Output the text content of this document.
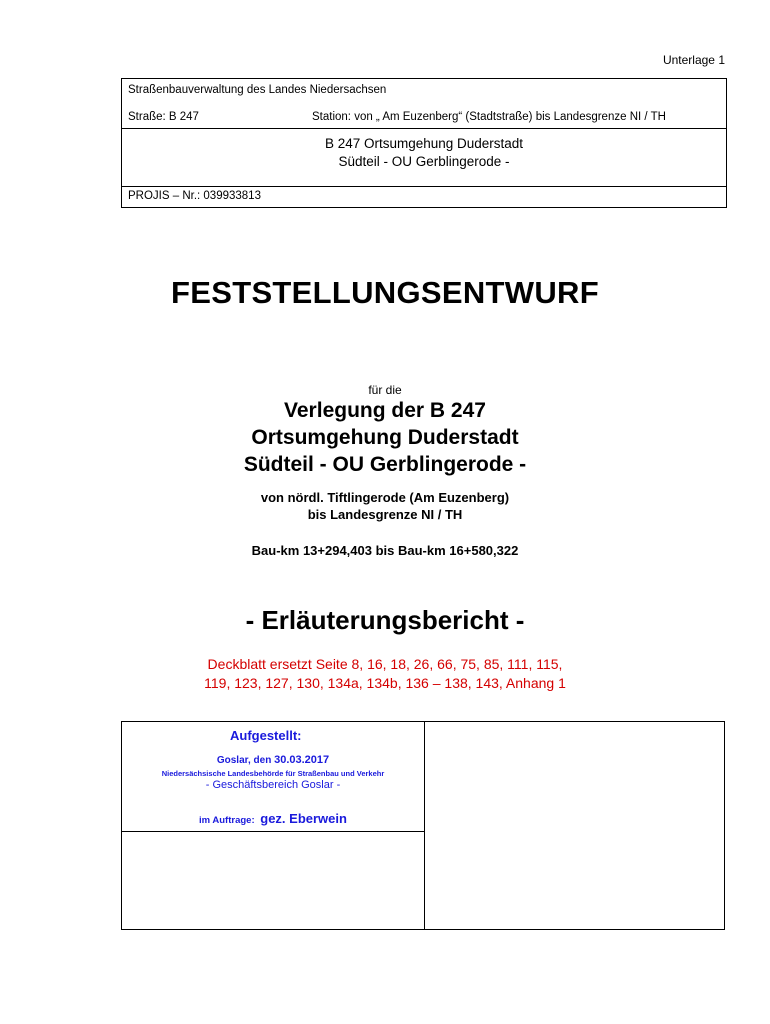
Unterlage 1
Straßenbauverwaltung des Landes Niedersachsen
Straße: B 247	Station: von „ Am Euzenberg“ (Stadtstraße) bis Landesgrenze NI / TH
B 247 Ortsumgehung Duderstadt
Südteil - OU Gerblingerode -
PROJIS – Nr.: 039933813
FESTSTELLUNGSENTWURF
für die
Verlegung der B 247
Ortsumgehung Duderstadt
Südteil - OU Gerblingerode -
von nördl. Tiftlingerode (Am Euzenberg)
bis Landesgrenze NI / TH
Bau-km 13+294,403 bis Bau-km 16+580,322
- Erläuterungsbericht -
Deckblatt ersetzt Seite 8, 16, 18, 26, 66, 75, 85, 111, 115,
119, 123, 127, 130, 134a, 134b, 136 – 138, 143, Anhang 1
Aufgestellt:
Goslar, den 30.03.2017
Niedersächsische Landesbehörde für Straßenbau und Verkehr
- Geschäftsbereich Goslar -
im Auftrage: gez. Eberwein
